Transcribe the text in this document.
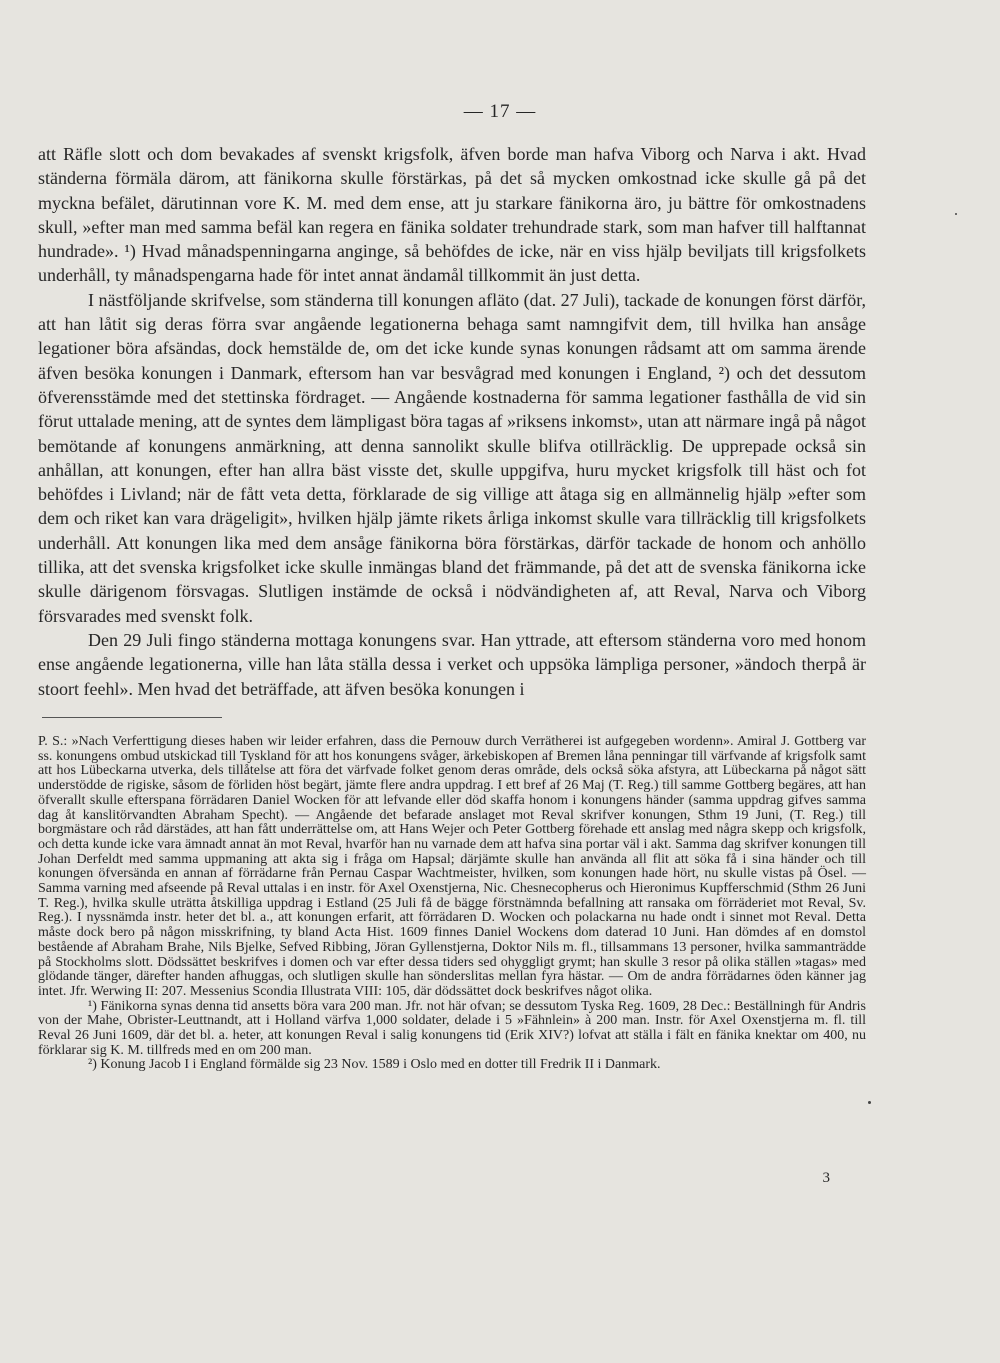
— 17 —

att Räfle slott och dom bevakades af svenskt krigsfolk, äfven borde man hafva Viborg och Narva i akt. Hvad ständerna förmäla därom, att fänikorna skulle förstärkas, på det så mycken omkostnad icke skulle gå på det myckna befälet, därutinnan vore K. M. med dem ense, att ju starkare fänikorna äro, ju bättre för omkostnadens skull, »efter man med samma befäl kan regera en fänika soldater trehundrade stark, som man hafver till halftannat hundrade». ¹) Hvad månadspenningarna anginge, så behöfdes de icke, när en viss hjälp beviljats till krigsfolkets underhåll, ty månadspengarna hade för intet annat ändamål tillkommit än just detta.

I nästföljande skrifvelse, som ständerna till konungen afläto (dat. 27 Juli), tackade de konungen först därför, att han låtit sig deras förra svar angående legationerna behaga samt namngifvit dem, till hvilka han ansåge legationer böra afsändas, dock hemstälde de, om det icke kunde synas konungen rådsamt att om samma ärende äfven besöka konungen i Danmark, eftersom han var besvågrad med konungen i England, ²) och det dessutom öfverensstämde med det stettinska fördraget. — Angående kostnaderna för samma legationer fasthålla de vid sin förut uttalade mening, att de syntes dem lämpligast böra tagas af »riksens inkomst», utan att närmare ingå på något bemötande af konungens anmärkning, att denna sannolikt skulle blifva otillräcklig. De upprepade också sin anhållan, att konungen, efter han allra bäst visste det, skulle uppgifva, huru mycket krigsfolk till häst och fot behöfdes i Livland; när de fått veta detta, förklarade de sig villige att åtaga sig en allmännelig hjälp »efter som dem och riket kan vara drägeligit», hvilken hjälp jämte rikets årliga inkomst skulle vara tillräcklig till krigsfolkets underhåll. Att konungen lika med dem ansåge fänikorna böra förstärkas, därför tackade de honom och anhöllo tillika, att det svenska krigsfolket icke skulle inmängas bland det främmande, på det att de svenska fänikorna icke skulle därigenom försvagas. Slutligen instämde de också i nödvändigheten af, att Reval, Narva och Viborg försvarades med svenskt folk.

Den 29 Juli fingo ständerna mottaga konungens svar. Han yttrade, att eftersom ständerna voro med honom ense angående legationerna, ville han låta ställa dessa i verket och uppsöka lämpliga personer, »ändoch therpå är stoort feehl». Men hvad det beträffade, att äfven besöka konungen i

P. S.: »Nach Verferttigung dieses haben wir leider erfahren, dass die Pernouw durch Verrätherei ist aufgegeben wordenn». Amiral J. Gottberg var ss. konungens ombud utskickad till Tyskland för att hos konungens svåger, ärkebiskopen af Bremen låna penningar till värfvande af krigsfolk samt att hos Lübeckarna utverka, dels tillåtelse att föra det värfvade folket genom deras område, dels också söka afstyra, att Lübeckarna på något sätt understödde de rigiske, såsom de förliden höst begärt, jämte flere andra uppdrag. I ett bref af 26 Maj (T. Reg.) till samme Gottberg begäres, att han öfverallt skulle efterspana förrädaren Daniel Wocken för att lefvande eller död skaffa honom i konungens händer (samma uppdrag gifves samma dag åt kanslitörvandten Abraham Specht). — Angående det befarade anslaget mot Reval skrifver konungen, Sthm 19 Juni, (T. Reg.) till borgmästare och råd därstädes, att han fått underrättelse om, att Hans Wejer och Peter Gottberg förehade ett anslag med några skepp och krigsfolk, och detta kunde icke vara ämnadt annat än mot Reval, hvarför han nu varnade dem att hafva sina portar väl i akt. Samma dag skrifver konungen till Johan Derfeldt med samma uppmaning att akta sig i fråga om Hapsal; därjämte skulle han använda all flit att söka få i sina händer och till konungen öfversända en annan af förrädarne från Pernau Caspar Wachtmeister, hvilken, som konungen hade hört, nu skulle vistas på Ösel. — Samma varning med afseende på Reval uttalas i en instr. för Axel Oxenstjerna, Nic. Chesnecopherus och Hieronimus Kupfferschmid (Sthm 26 Juni T. Reg.), hvilka skulle uträtta åtskilliga uppdrag i Estland (25 Juli få de bägge förstnämnda befallning att ransaka om förräderiet mot Reval, Sv. Reg.). I nyssnämda instr. heter det bl. a., att konungen erfarit, att förrädaren D. Wocken och polackarna nu hade ondt i sinnet mot Reval. Detta måste dock bero på någon misskrifning, ty bland Acta Hist. 1609 finnes Daniel Wockens dom daterad 10 Juni. Han dömdes af en domstol bestående af Abraham Brahe, Nils Bjelke, Sefved Ribbing, Jöran Gyllenstjerna, Doktor Nils m. fl., tillsammans 13 personer, hvilka sammanträdde på Stockholms slott. Dödssättet beskrifves i domen och var efter dessa tiders sed ohyggligt grymt; han skulle 3 resor på olika ställen »tagas» med glödande tänger, därefter handen afhuggas, och slutligen skulle han sönderslitas mellan fyra hästar. — Om de andra förrädarnes öden känner jag intet. Jfr. Werwing II: 207. Messenius Scondia Illustrata VIII: 105, där dödssättet dock beskrifves något olika.

¹) Fänikorna synas denna tid ansetts böra vara 200 man. Jfr. not här ofvan; se dessutom Tyska Reg. 1609, 28 Dec.: Beställningh für Andris von der Mahe, Obrister-Leuttnandt, att i Holland värfva 1,000 soldater, delade i 5 »Fähnlein» à 200 man. Instr. för Axel Oxenstjerna m. fl. till Reval 26 Juni 1609, där det bl. a. heter, att konungen Reval i salig konungens tid (Erik XIV?) lofvat att ställa i fält en fänika knektar om 400, nu förklarar sig K. M. tillfreds med en om 200 man.

²) Konung Jacob I i England förmälde sig 23 Nov. 1589 i Oslo med en dotter till Fredrik II i Danmark.

3
